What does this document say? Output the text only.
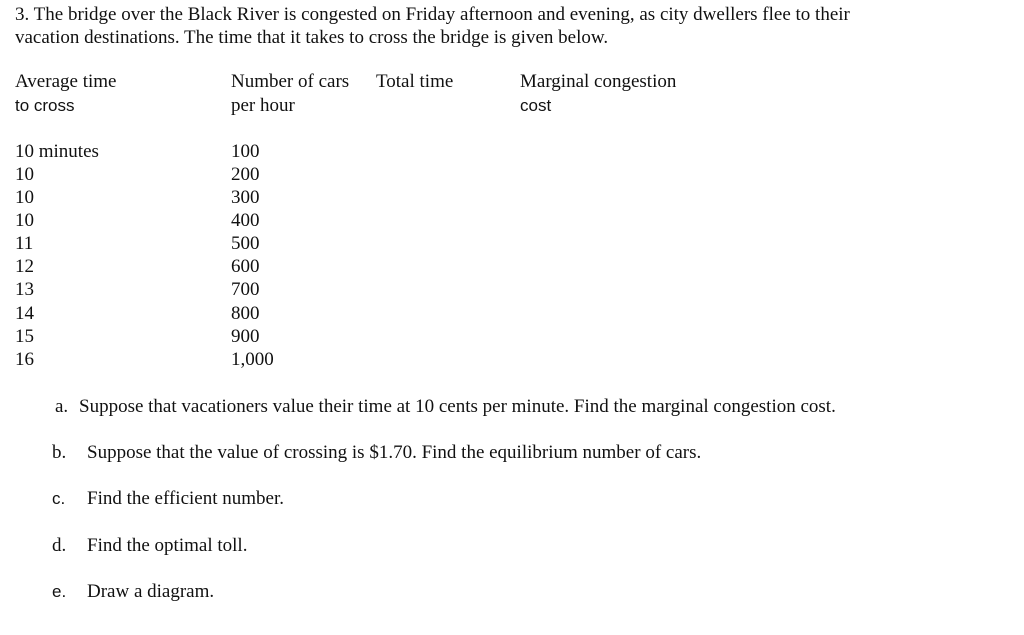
3. The bridge over the Black River is congested on Friday afternoon and evening, as city dwellers flee to their
vacation destinations. The time that it takes to cross the bridge is given below.
Average time
to cross
Number of cars
per hour
Total time	Marginal congestion
cost
10 minutes
10
10
10
11
12
13
14
15
16
100
200
300
400
500
600
700
800
900
1,000
a. Suppose that vacationers value their time at 10 cents per minute. Find the marginal congestion cost.
b. Suppose that the value of crossing is $1.70. Find the equilibrium number of cars.
c. Find the efficient number.
d. Find the optimal toll.
e. Draw a diagram.
